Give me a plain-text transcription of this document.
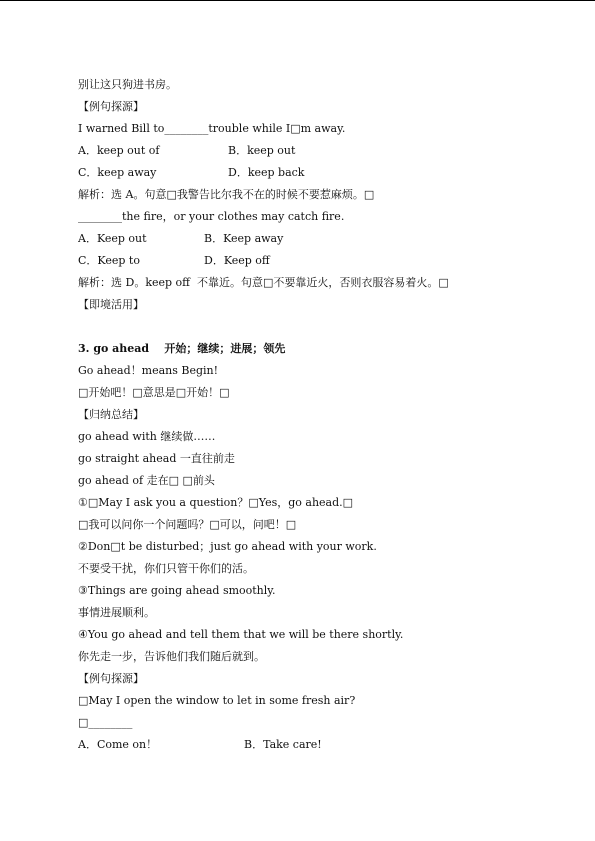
别让这只狗进书房。
【例句探源】
I warned Bill to________trouble while I□m away.
A．keep out of	B．keep out
C．keep away	D．keep back
解析：选 A。句意□我警告比尔我不在的时候不要惹麻烦。□
________the fire，or your clothes may catch fire.
A．Keep out	B．Keep away
C．Keep to	D．Keep off
解析：选 D。keep off  不靠近。句意□不要靠近火，否则衣服容易着火。□
【即境活用】
3. go ahead    开始；继续；进展；领先
Go ahead！means Begin!
□开始吧！□意思是□开始！□
【归纳总结】
go ahead with 继续做……
go straight ahead 一直往前走
go ahead of 走在□ □前头
①□May I ask you a question？□Yes，go ahead.□
□我可以问你一个问题吗？□可以，问吧！□
②Don□t be disturbed；just go ahead with your work.
不要受干扰，你们只管干你们的活。
③Things are going ahead smoothly.
事情进展顺利。
④You go ahead and tell them that we will be there shortly.
你先走一步，告诉他们我们随后就到。
【例句探源】
□May I open the window to let in some fresh air?
□________
A．Come on！	B．Take care!
